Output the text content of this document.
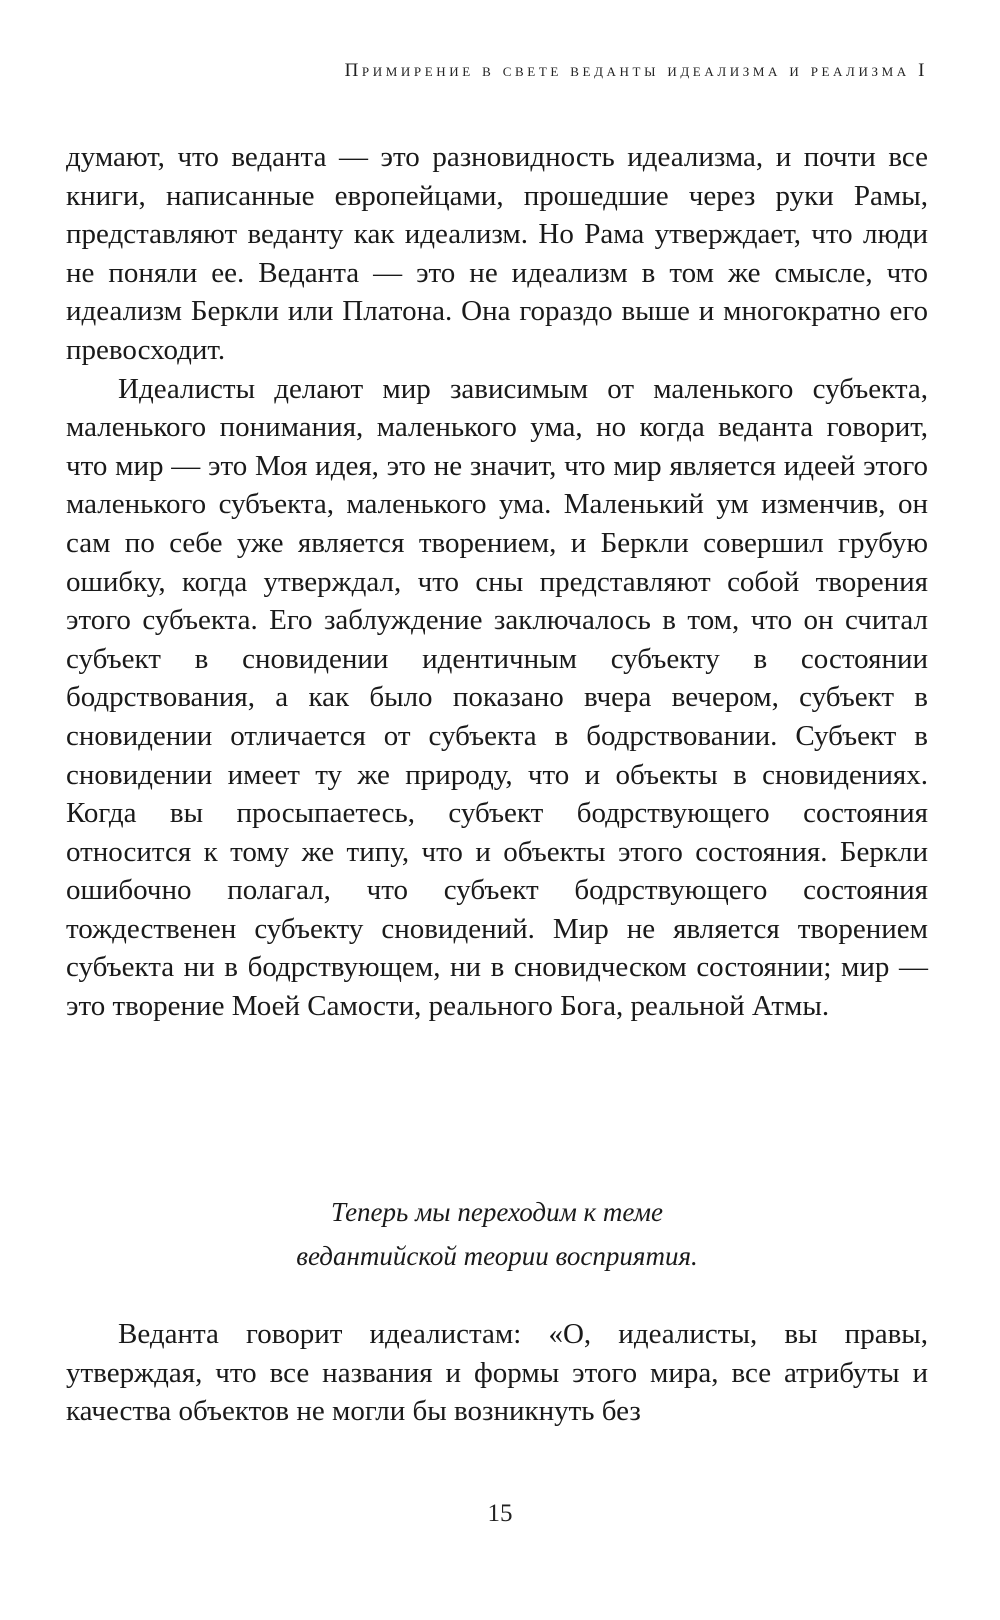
Примирение в свете веданты идеализма и реализма I

думают, что веданта — это разновидность идеализма, и почти все книги, написанные европейцами, прошедшие через руки Рамы, представляют веданту как идеализм. Но Рама утверждает, что люди не поняли ее. Веданта — это не идеализм в том же смысле, что идеализм Беркли или Платона. Она гораздо выше и многократно его превосходит.

Идеалисты делают мир зависимым от маленького субъекта, маленького понимания, маленького ума, но когда веданта говорит, что мир — это Моя идея, это не значит, что мир является идеей этого маленького субъекта, маленького ума. Маленький ум изменчив, он сам по себе уже является творением, и Беркли совершил грубую ошибку, когда утверждал, что сны представляют собой творения этого субъекта. Его заблуждение заключалось в том, что он считал субъект в сновидении идентичным субъекту в состоянии бодрствования, а как было показано вчера вечером, субъект в сновидении отличается от субъекта в бодрствовании. Субъект в сновидении имеет ту же природу, что и объекты в сновидениях. Когда вы просыпаетесь, субъект бодрствующего состояния относится к тому же типу, что и объекты этого состояния. Беркли ошибочно полагал, что субъект бодрствующего состояния тождественен субъекту сновидений. Мир не является творением субъекта ни в бодрствующем, ни в сновидческом состоянии; мир — это творение Моей Самости, реального Бога, реальной Атмы.

Теперь мы переходим к теме
ведантийской теории восприятия.

Веданта говорит идеалистам: «О, идеалисты, вы правы, утверждая, что все названия и формы этого мира, все атрибуты и качества объектов не могли бы возникнуть без

15
